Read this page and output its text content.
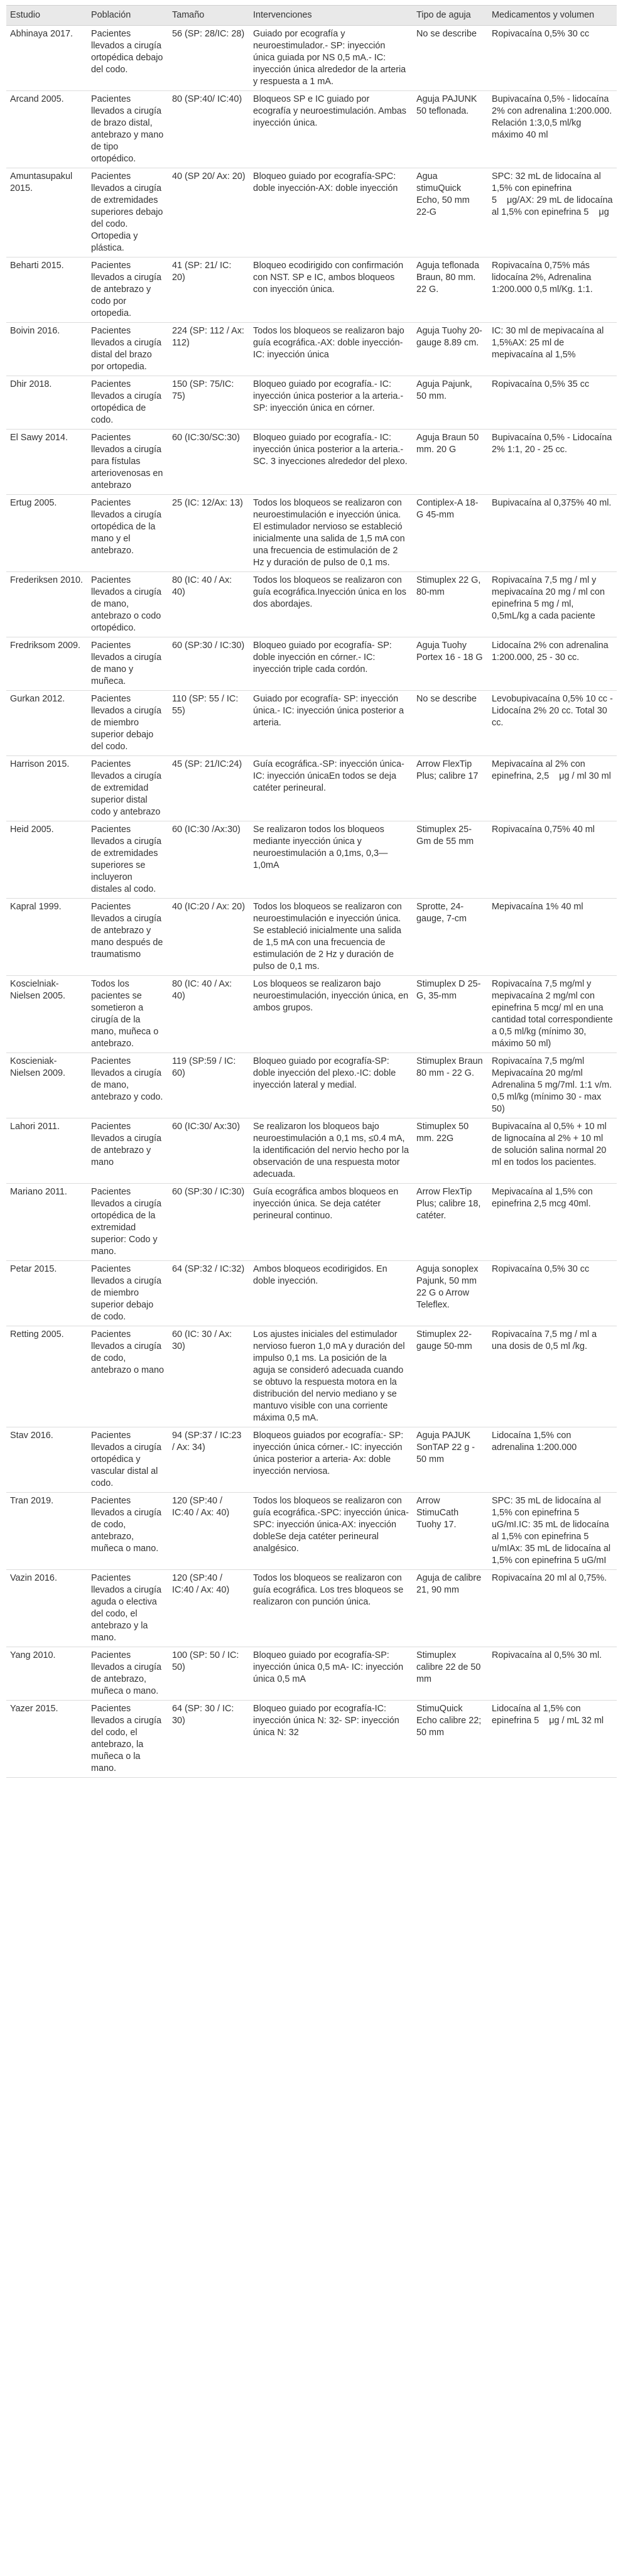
Estudio	Población	Tamaño	Intervenciones	Tipo de aguja	Medicamentos y volumen
Abhinaya 2017.	Pacientes llevados a cirugía ortopédica debajo del codo.	56 (SP: 28/IC: 28)	Guiado por ecografía y neuroestimulador.- SP: inyección única guiada por NS 0,5 mA.- IC: inyección única alrededor de la arteria y respuesta a 1 mA.	No se describe	Ropivacaína 0,5% 30 cc
Arcand 2005.	Pacientes llevados a cirugía de brazo distal, antebrazo y mano de tipo ortopédico.	80 (SP:40/ IC:40)	Bloqueos SP e IC guiado por ecografía y neuroestimulación. Ambas inyección única.	Aguja PAJUNK 50 teflonada.	Bupivacaína 0,5% - lidocaína 2% con adrenalina 1:200.000. Relación 1:3,0,5 ml/kg máximo 40 ml
Amuntasupakul 2015.	Pacientes llevados a cirugía de extremidades superiores debajo del codo. Ortopedia y plástica.	40 (SP 20/ Ax: 20)	Bloqueo guiado por ecografía-SPC: doble inyección-AX: doble inyección	Agua stimuQuick Echo, 50 mm 22-G	SPC: 32 mL de lidocaína al 1,5% con epinefrina 5    μg/AX: 29 mL de lidocaína al 1,5% con epinefrina 5    μg
Beharti 2015.	Pacientes llevados a cirugía de antebrazo y codo por ortopedia.	41 (SP: 21/ IC: 20)	Bloqueo ecodirigido con confirmación con NST. SP e IC, ambos bloqueos con inyección única.	Aguja teflonada Braun, 80 mm. 22 G.	Ropivacaína 0,75% más lidocaína 2%, Adrenalina 1:200.000 0,5 ml/Kg. 1:1.
Boivin 2016.	Pacientes llevados a cirugía distal del brazo por ortopedia.	224 (SP: 112 / Ax: 112)	Todos los bloqueos se realizaron bajo guía ecográfica.-AX: doble inyección-IC: inyección única	Aguja Tuohy 20-gauge 8.89 cm.	IC: 30 ml de mepivacaína al 1,5%AX: 25 ml de mepivacaína al 1,5%
Dhir 2018.	Pacientes llevados a cirugía ortopédica de codo.	150 (SP: 75/IC: 75)	Bloqueo guiado por ecografía.- IC: inyección única posterior a la arteria.- SP: inyección única en córner.	Aguja Pajunk, 50 mm.	Ropivacaína 0,5% 35 cc
El Sawy 2014.	Pacientes llevados a cirugía para fístulas arteriovenosas en antebrazo	60 (IC:30/SC:30)	Bloqueo guiado por ecografía.- IC: inyección única posterior a la arteria.- SC. 3 inyecciones alrededor del plexo.	Aguja Braun 50 mm. 20 G	Bupivacaína 0,5% - Lidocaína 2% 1:1, 20 - 25 cc.
Ertug 2005.	Pacientes llevados a cirugía ortopédica de la mano y el antebrazo.	25 (IC: 12/Ax: 13)	Todos los bloqueos se realizaron con neuroestimulación e inyección única. El estimulador nervioso se estableció inicialmente una salida de 1,5 mA con una frecuencia de estimulación de 2 Hz y duración de pulso de 0,1 ms.	Contiplex-A 18-G 45-mm	Bupivacaína al 0,375% 40 ml.
Frederiksen 2010.	Pacientes llevados a cirugía de mano, antebrazo o codo ortopédico.	80 (IC: 40 / Ax: 40)	Todos los bloqueos se realizaron con guía ecográfica.Inyección única en los dos abordajes.	Stimuplex 22 G, 80-mm	Ropivacaína 7,5 mg / ml y mepivacaína 20 mg / ml con epinefrina 5 mg / ml, 0,5mL/kg a cada paciente
Fredriksom 2009.	Pacientes llevados a cirugía de mano y muñeca.	60 (SP:30 / IC:30)	Bloqueo guiado por ecografía- SP: doble inyección en córner.- IC: inyección triple cada cordón.	Aguja Tuohy Portex 16 - 18 G	Lidocaína 2% con adrenalina 1:200.000, 25 - 30 cc.
Gurkan 2012.	Pacientes llevados a cirugía de miembro superior debajo del codo.	110 (SP: 55 / IC: 55)	Guiado por ecografía- SP: inyección única.- IC: inyección única posterior a arteria.	No se describe	Levobupivacaína 0,5% 10 cc - Lidocaína 2% 20 cc. Total 30 cc.
Harrison 2015.	Pacientes llevados a cirugía de extremidad superior distal codo y antebrazo	45 (SP: 21/IC:24)	Guía ecográfica.-SP: inyección única-IC: inyección únicaEn todos se deja catéter perineural.	Arrow FlexTip Plus; calibre 17	Mepivacaína al 2% con epinefrina, 2,5    μg / ml 30 ml
Heid 2005.	Pacientes llevados a cirugía de extremidades superiores se incluyeron distales al codo.	60 (IC:30 /Ax:30)	Se realizaron todos los bloqueos mediante inyección única y neuroestimulación a 0,1ms, 0,3—1,0mA	Stimuplex 25-Gm de 55 mm	Ropivacaína 0,75% 40 ml
Kapral 1999.	Pacientes llevados a cirugía de antebrazo y mano después de traumatismo	40 (IC:20 / Ax: 20)	Todos los bloqueos se realizaron con neuroestimulación e inyección única. Se estableció inicialmente una salida de 1,5 mA con una frecuencia de estimulación de 2 Hz y duración de pulso de 0,1 ms.	Sprotte, 24-gauge, 7-cm	Mepivacaína 1% 40 ml
Koscielniak-Nielsen 2005.	Todos los pacientes se sometieron a cirugía de la mano, muñeca o antebrazo.	80 (IC: 40 / Ax: 40)	Los bloqueos se realizaron bajo neuroestimulación, inyección única, en ambos grupos.	Stimuplex D 25-G, 35-mm	Ropivacaína 7,5 mg/ml y mepivacaína 2 mg/ml con epinefrina 5 mcg/ ml en una cantidad total correspondiente a 0,5 ml/kg (mínimo 30, máximo 50 ml)
Koscieniak-Nielsen 2009.	Pacientes llevados a cirugía de mano, antebrazo y codo.	119 (SP:59 / IC: 60)	Bloqueo guiado por ecografía-SP: doble inyección del plexo.-IC: doble inyección lateral y medial.	Stimuplex Braun 80 mm - 22 G.	Ropivacaína 7,5 mg/ml Mepivacaína 20 mg/ml Adrenalina 5 mg/7ml. 1:1 v/m. 0,5 ml/kg (mínimo 30 - max 50)
Lahori 2011.	Pacientes llevados a cirugía de antebrazo y mano	60 (IC:30/ Ax:30)	Se realizaron los bloqueos bajo neuroestimulación a 0,1 ms, ≤0.4 mA, la identificación del nervio hecho por la observación de una respuesta motor adecuada.	Stimuplex 50 mm. 22G	Bupivacaína al 0,5% + 10 ml de lignocaína al 2% + 10 ml de solución salina normal 20 ml en todos los pacientes.
Mariano 2011.	Pacientes llevados a cirugía ortopédica de la extremidad superior: Codo y mano.	60 (SP:30 / IC:30)	Guía ecográfica ambos bloqueos en inyección única. Se deja catéter perineural continuo.	Arrow FlexTip Plus; calibre 18, catéter.	Mepivacaína al 1,5% con epinefrina 2,5 mcg 40ml.
Petar 2015.	Pacientes llevados a cirugía de miembro superior debajo de codo.	64 (SP:32 / IC:32)	Ambos bloqueos ecodirigidos. En doble inyección.	Aguja sonoplex Pajunk, 50 mm 22 G o Arrow Teleflex.	Ropivacaína 0,5% 30 cc
Retting 2005.	Pacientes llevados a cirugía de codo, antebrazo o mano	60 (IC: 30 / Ax: 30)	Los ajustes iniciales del estimulador nervioso fueron 1,0 mA y duración del impulso 0,1 ms. La posición de la aguja se consideró adecuada cuando se obtuvo la respuesta motora en la distribución del nervio mediano y se mantuvo visible con una corriente máxima 0,5 mA.	Stimuplex 22-gauge 50-mm	Ropivacaína 7,5 mg / ml a una dosis de 0,5 ml /kg.
Stav 2016.	Pacientes llevados a cirugía ortopédica y vascular distal al codo.	94 (SP:37 / IC:23 / Ax: 34)	Bloqueos guiados por ecografía:- SP: inyección única córner.- IC: inyección única posterior a arteria- Ax: doble inyección nerviosa.	Aguja PAJUK SonTAP 22 g - 50 mm	Lidocaína 1,5% con adrenalina 1:200.000
Tran 2019.	Pacientes llevados a cirugía de codo, antebrazo, muñeca o mano.	120 (SP:40 / IC:40 / Ax: 40)	Todos los bloqueos se realizaron con guía ecográfica.-SPC: inyección única-SPC: inyección única-AX: inyección dobleSe deja catéter perineural analgésico.	Arrow StimuCath Tuohy 17.	SPC: 35 mL de lidocaína al 1,5% con epinefrina 5 uG/mI.IC: 35 mL de lidocaína al 1,5% con epinefrina 5 u/mIAx: 35 mL de lidocaína al 1,5% con epinefrina 5 uG/mI
Vazin 2016.	Pacientes llevados a cirugía aguda o electiva del codo, el antebrazo y la mano.	120 (SP:40 / IC:40 / Ax: 40)	Todos los bloqueos se realizaron con guía ecográfica. Los tres bloqueos se realizaron con punción única.	Aguja de calibre 21, 90 mm	Ropivacaína 20 ml al 0,75%.
Yang 2010.	Pacientes llevados a cirugía de antebrazo, muñeca o mano.	100 (SP: 50 / IC: 50)	Bloqueo guiado por ecografía-SP: inyección única 0,5 mA- IC: inyección única 0,5 mA	Stimuplex calibre 22 de 50 mm	Ropivacaína al 0,5% 30 ml.
Yazer 2015.	Pacientes llevados a cirugía del codo, el antebrazo, la muñeca o la mano.	64 (SP: 30 / IC: 30)	Bloqueo guiado por ecografía-IC: inyección única N: 32- SP: inyección única N: 32	StimuQuick Echo calibre 22; 50 mm	Lidocaína al 1,5% con epinefrina 5    μg / mL 32 ml
